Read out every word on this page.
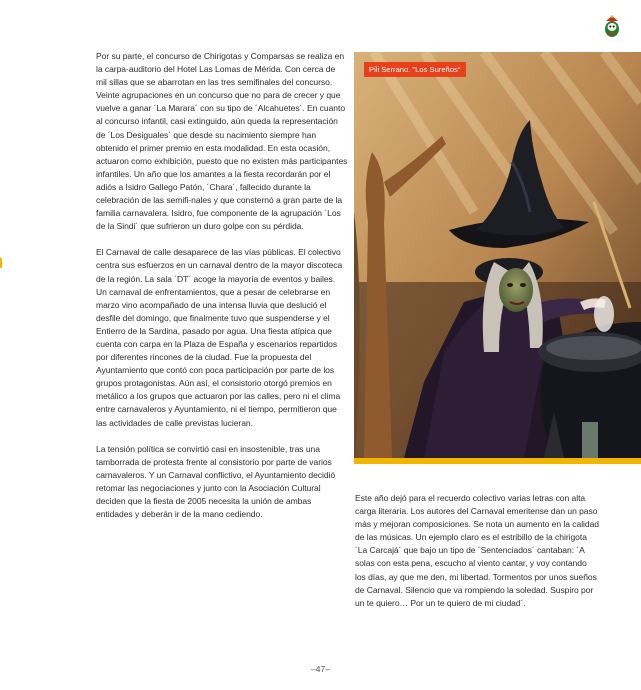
Por su parte, el concurso de Chirigotas y Comparsas se realiza en la carpa-auditorio del Hotel Las Lomas de Mérida. Con cerca de mil sillas que se abarrotan en las tres semifinales del concurso. Veinte agrupaciones en un concurso que no para de crecer y que vuelve a ganar ´La Marara´ con su tipo de ´Alcahuetes´. En cuanto al concurso infantil, casi extinguido, aún queda la representación de ´Los Desiguales´ que desde su nacimiento siempre han obtenido el primer premio en esta modalidad. En esta ocasión, actuaron como exhibición, puesto que no existen más participantes infantiles. Un año que los amantes a la fiesta recordarán por el adiós a Isidro Gallego Patón, ´Chara´, fallecido durante la celebración de las semifi-nales y que consternó a gran parte de la familia carnavalera. Isidro, fue componente de la agrupación ´Los de la Sindi´ que sufrieron un duro golpe con su pérdida.

El Carnaval de calle desaparece de las vías públicas. El colectivo centra sus esfuerzos en un carnaval dentro de la mayor discoteca de la región. La sala ´DT´ acoge la mayoría de eventos y bailes. Un carnaval de enfrentamientos, que a pesar de celebrarse en marzo vino acompañado de una intensa lluvia que deslució el desfile del domingo, que finalmente tuvo que suspenderse y el Entierro de la Sardina, pasado por agua. Una fiesta atípica que cuenta con carpa en la Plaza de España y escenarios repartidos por diferentes rincones de la ciudad. Fue la propuesta del Ayuntamiento que contó con poca participación por parte de los grupos protagonistas. Aún así, el consistorio otorgó premios en metálico a los grupos que actuaron por las calles, pero ni el clima entre carnavaleros y Ayuntamiento, ni el tiempo, permitieron que las actividades de calle previstas lucieran.

La tensión política se convirtió casi en insostenible, tras una tamborrada de protesta frente al consistorio por parte de varios carnavaleros. Y un Carnaval conflictivo, el Ayuntamiento decidió retomar las negociaciones y junto con la Asociación Cultural deciden que la fiesta de 2005 necesita la unión de ambas entidades y deberán ir de la mano cediendo.

Pili Serrano. "Los Sureños"

Este año dejó para el recuerdo colectivo varias letras con alta carga literaria. Los autores del Carnaval emeritense dan un paso más y mejoran composiciones. Se nota un aumento en la calidad de las músicas. Un ejemplo claro es el estribillo de la chirigota ´La Carcajá´ que bajo un tipo de ´Sentenciados´ cantaban: ´A solas con esta pena, escucho al viento cantar, y voy contando los días, ay que me den, mi libertad. Tormentos por unos sueños de Carnaval. Silencio que va rompiendo la soledad. Suspiro por un te quiero… Por un te quiero de mi ciudad´.

–47–
